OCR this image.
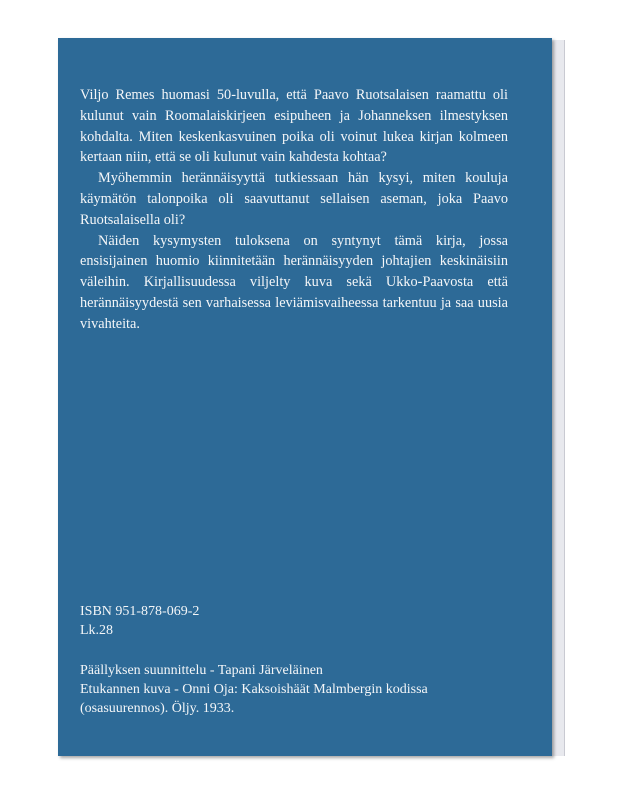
Viljo Remes huomasi 50-luvulla, että Paavo Ruotsalaisen raamattu oli kulunut vain Roomalaiskirjeen esipuheen ja Johanneksen ilmestyksen kohdalta. Miten keskenkasvuinen poika oli voinut lukea kirjan kolmeen kertaan niin, että se oli kulunut vain kahdesta kohtaa?

Myöhemmin herännäisyyttä tutkiessaan hän kysyi, miten kouluja käymätön talonpoika oli saavuttanut sellaisen aseman, joka Paavo Ruotsalaisella oli?

Näiden kysymysten tuloksena on syntynyt tämä kirja, jossa ensisijainen huomio kiinnitetään herännäisyyden johtajien keskinäisiin väleihin. Kirjallisuudessa viljelty kuva sekä Ukko-Paavosta että herännäisyydestä sen varhaisessa leviämisvaiheessa tarkentuu ja saa uusia vivahteita.

ISBN 951-878-069-2
Lk.28
Päällyksen suunnittelu - Tapani Järveläinen
Etukannen kuva - Onni Oja: Kaksoishäät Malmbergin kodissa
(osasuurennos). Öljy. 1933.
